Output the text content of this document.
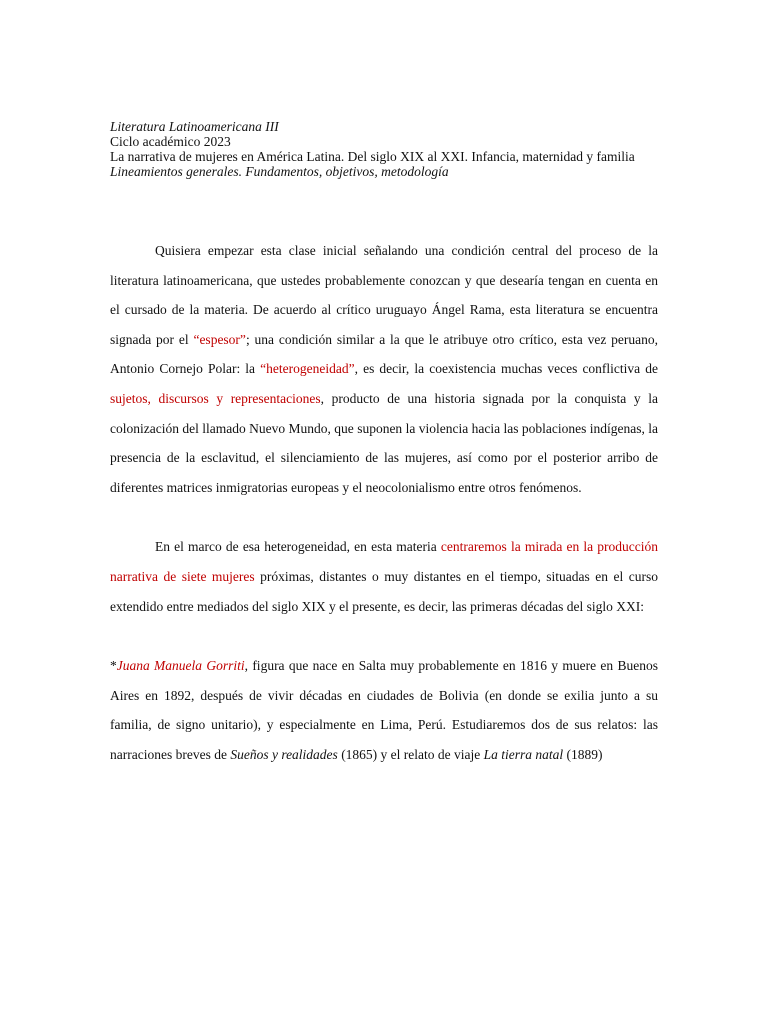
Literatura Latinoamericana III

Ciclo académico 2023

La narrativa de mujeres en América Latina. Del siglo XIX al XXI. Infancia, maternidad y familia

Lineamientos generales. Fundamentos, objetivos, metodología

Quisiera empezar esta clase inicial señalando una condición central del proceso de la literatura latinoamericana, que ustedes probablemente conozcan y que desearía tengan en cuenta en el cursado de la materia. De acuerdo al crítico uruguayo Ángel Rama, esta literatura se encuentra signada por el “espesor”; una condición similar a la que le atribuye otro crítico, esta vez peruano, Antonio Cornejo Polar: la “heterogeneidad”, es decir, la coexistencia muchas veces conflictiva de sujetos, discursos y representaciones, producto de una historia signada por la conquista y la colonización del llamado Nuevo Mundo, que suponen la violencia hacia las poblaciones indígenas, la presencia de la esclavitud, el silenciamiento de las mujeres, así como por el posterior arribo de diferentes matrices inmigratorias europeas y el neocolonialismo entre otros fenómenos.

En el marco de esa heterogeneidad, en esta materia centraremos la mirada en la producción narrativa de siete mujeres próximas, distantes o muy distantes en el tiempo, situadas en el curso extendido entre mediados del siglo XIX y el presente, es decir, las primeras décadas del siglo XXI:

*Juana Manuela Gorriti, figura que nace en Salta muy probablemente en 1816 y muere en Buenos Aires en 1892, después de vivir décadas en ciudades de Bolivia (en donde se exilia junto a su familia, de signo unitario), y especialmente en Lima, Perú. Estudiaremos dos de sus relatos: las narraciones breves de Sueños y realidades (1865) y el relato de viaje La tierra natal (1889)
